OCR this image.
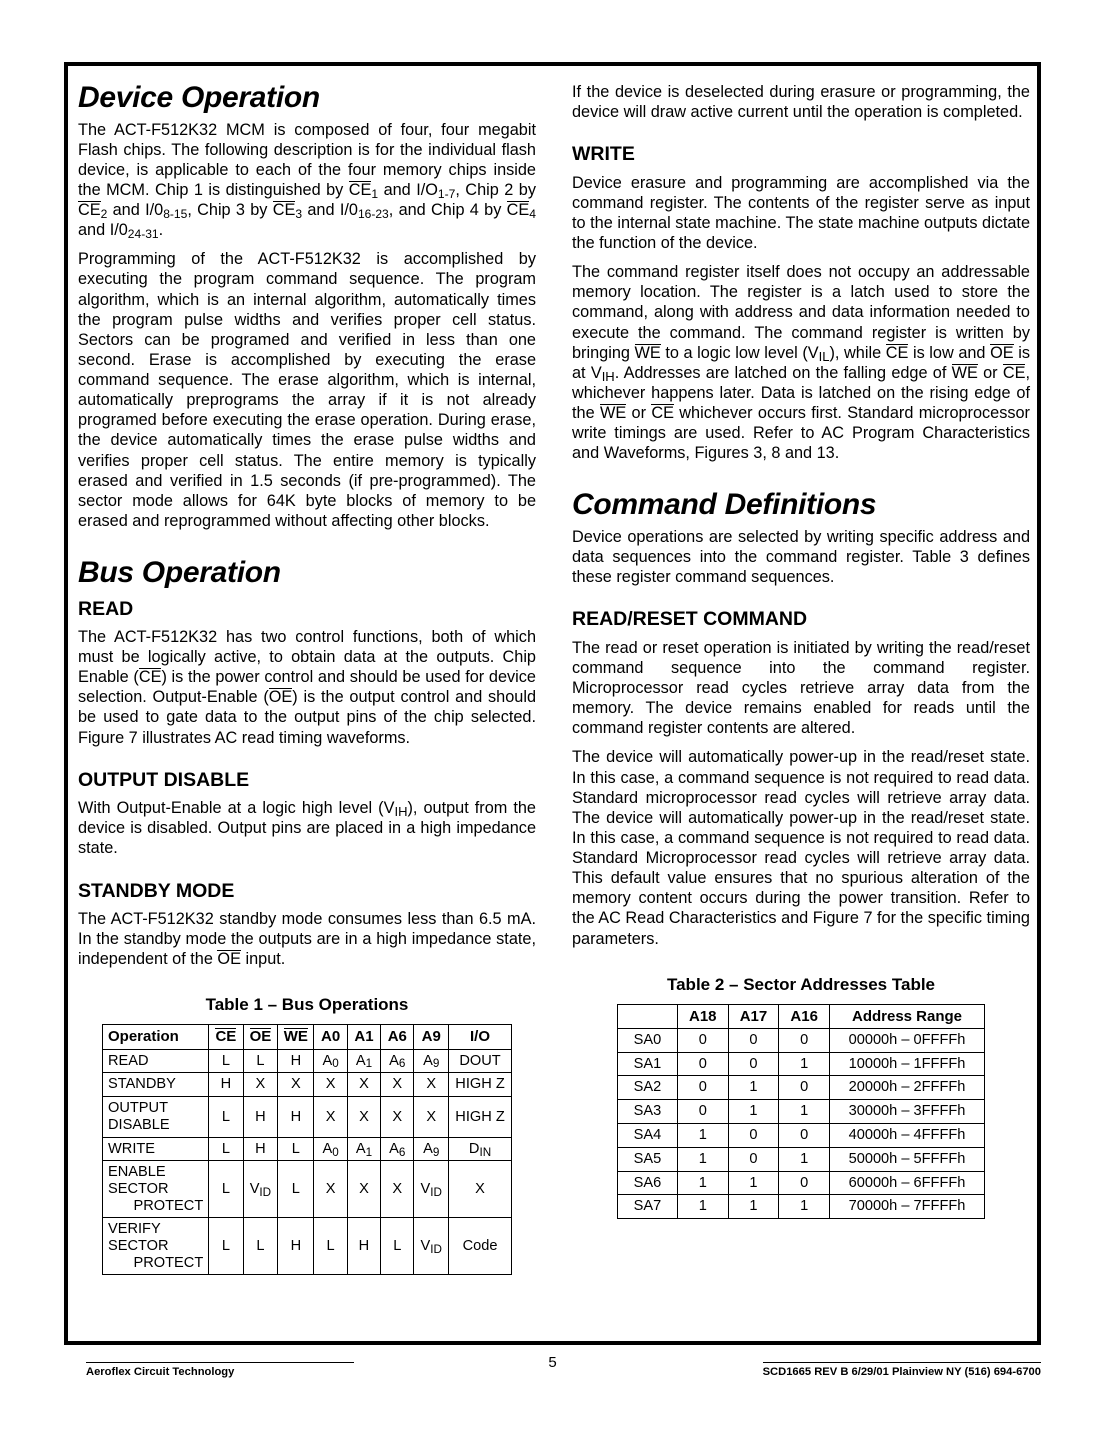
Device Operation

The ACT-F512K32 MCM is composed of four, four megabit Flash chips. The following description is for the individual flash device, is applicable to each of the four memory chips inside the MCM. Chip 1 is distinguished by $CE_1$ and $I/O_{1-7}$, Chip 2 by $CE_2$ and $I/0_{8-15}$, Chip 3 by $CE_3$ and $I/0_{16-23}$, and Chip 4 by $CE_4$ and $I/0_{24-31}$.

Programming of the ACT-F512K32 is accomplished by executing the program command sequence. The program algorithm, which is an internal algorithm, automatically times the program pulse widths and verifies proper cell status. Sectors can be programed and verified in less than one second. Erase is accomplished by executing the erase command sequence. The erase algorithm, which is internal, automatically preprograms the array if it is not already programed before executing the erase operation. During erase, the device automatically times the erase pulse widths and verifies proper cell status. The entire memory is typically erased and verified in 1.5 seconds (if pre-programmed). The sector mode allows for 64K byte blocks of memory to be erased and reprogrammed without affecting other blocks.

Bus Operation
READ

The ACT-F512K32 has two control functions, both of which must be logically active, to obtain data at the outputs. Chip Enable (CE) is the power control and should be used for device selection. Output-Enable (OE) is the output control and should be used to gate data to the output pins of the chip selected. Figure 7 illustrates AC read timing waveforms.

OUTPUT DISABLE

With Output-Enable at a logic high level $(V_{IH})$, output from the device is disabled. Output pins are placed in a high impedance state.

STANDBY MODE

The ACT-F512K32 standby mode consumes less than 6.5 mA. In the standby mode the outputs are in a high impedance state, independent of the OE input.

Table 1 – Bus Operations
Operation	CE	OE	WE	A0	A1	A6	A9	I/O
READ	L	L	H	$A_0$	$A_1$	$A_6$	$A_9$	DOUT
STANDBY	H	X	X	X	X	X	X	HIGH Z
OUTPUT DISABLE	L	H	H	X	X	X	X	HIGH Z
WRITE	L	H	L	$A_0$	$A_1$	$A_6$	$A_9$	$D_{IN}$

ENABLE SECTOR
PROTECT	L	$V_{ID}$	L	X	X	X	$V_{ID}$	X

VERIFY SECTOR
PROTECT	L	L	H	L	H	L	$V_{ID}$	Code

If the device is deselected during erasure or programming, the device will draw active current until the operation is completed.

WRITE

Device erasure and programming are accomplished via the command register. The contents of the register serve as input to the internal state machine. The state machine outputs dictate the function of the device.

The command register itself does not occupy an addressable memory location. The register is a latch used to store the command, along with address and data information needed to execute the command. The command register is written by bringing WE to a logic low level $(V_{IL})$, while CE is low and OE is at $V_{IH}$. Addresses are latched on the falling edge of WE or CE, whichever happens later. Data is latched on the rising edge of the WE or CE whichever occurs first. Standard microprocessor write timings are used. Refer to AC Program Characteristics and Waveforms, Figures 3, 8 and 13.

Command Definitions

Device operations are selected by writing specific address and data sequences into the command register. Table 3 defines these register command sequences.

READ/RESET COMMAND

The read or reset operation is initiated by writing the read/reset command sequence into the command register. Microprocessor read cycles retrieve array data from the memory. The device remains enabled for reads until the command register contents are altered.

The device will automatically power-up in the read/reset state. In this case, a command sequence is not required to read data. Standard microprocessor read cycles will retrieve array data. The device will automatically power-up in the read/reset state. In this case, a command sequence is not required to read data. Standard Microprocessor read cycles will retrieve array data. This default value ensures that no spurious alteration of the memory content occurs during the power transition. Refer to the AC Read Characteristics and Figure 7 for the specific timing parameters.

Table 2 – Sector Addresses Table
	A18	A17	A16	Address Range
SA0	0	0	0	00000h – 0FFFFh
SA1	0	0	1	10000h – 1FFFFh
SA2	0	1	0	20000h – 2FFFFh
SA3	0	1	1	30000h – 3FFFFh
SA4	1	0	0	40000h – 4FFFFh
SA5	1	0	1	50000h – 5FFFFh
SA6	1	1	0	60000h – 6FFFFh
SA7	1	1	1	70000h – 7FFFFh
Aeroflex Circuit Technology
5
SCD1665 REV B 6/29/01 Plainview NY (516) 694-6700
